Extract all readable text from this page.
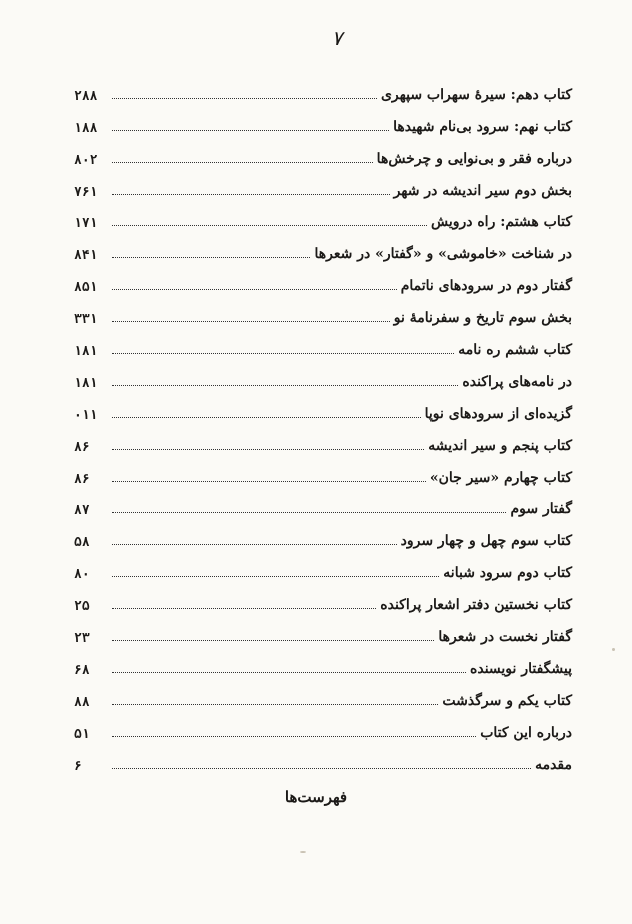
۷
۲۸۸	کتاب دهم: سیرهٔ سهراب سپهری
۱۸۸	کتاب نهم: سرود بی‌نام شهید‌ها
۸۰۲	درباره فقر و بی‌نوایی و چرخش‌ها
۷۶۱	بخش دوم سیر اندیشه در شهر
۱۷۱	کتاب هشتم: راه درویش
۸۴۱	در شناخت «خاموشی» و «گفتار» در شعرها
۸۵۱	گفتار دوم در سرودهای ناتمام
۳۳۱	بخش سوم تاریخ و سفرنامهٔ نو
۱۸۱	کتاب ششم ره نامه
۱۸۱	در نامه‌های پراکنده
۰۱۱	گزیده‌ای از سرودهای نوپا
۸۶	کتاب پنجم و سیر اندیشه
۸۶	کتاب چهارم «سیر جان»
۸۷	گفتار سوم
۵۸	کتاب سوم چهل و چهار سرود
۸۰	کتاب دوم سرود شبانه
۲۵	کتاب نخستین دفتر اشعار پراکنده
۲۳	گفتار نخست در شعرها
۶۸	پیشگفتار نویسنده
۸۸	کتاب یکم و سرگذشت
۵۱	درباره این کتاب
۶	مقدمه
فهرست‌ها
